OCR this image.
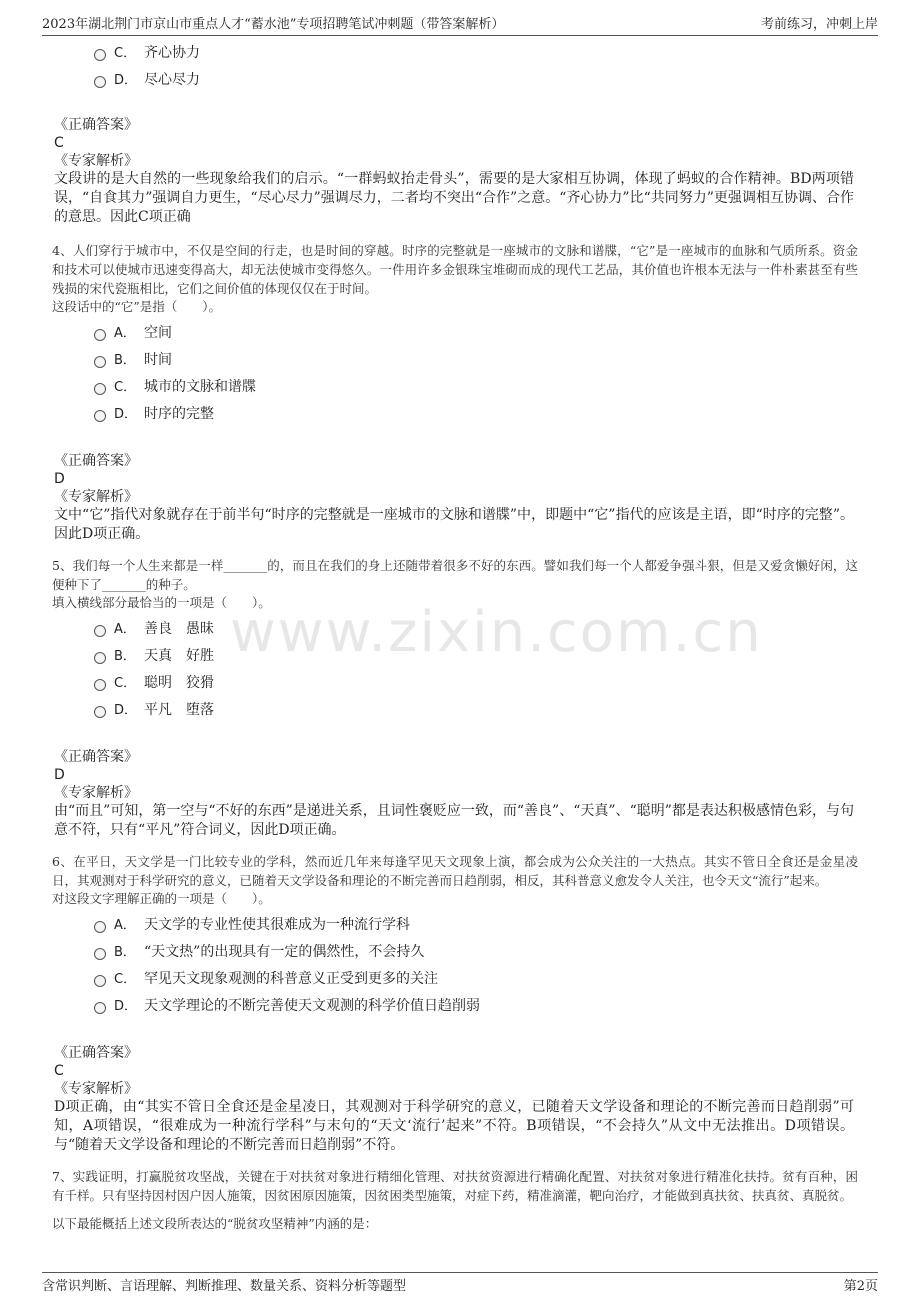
2023年湖北荆门市京山市重点人才“蓄水池”专项招聘笔试冲刺题（带答案解析）	考前练习，冲刺上岸
www.zixin.com.cn
C． 齐心协力
D． 尽心尽力
《正确答案》
C
《专家解析》
文段讲的是大自然的一些现象给我们的启示。“一群蚂蚁抬走骨头”，需要的是大家相互协调，体现了蚂蚁的合作精神。BD两项错误，“自食其力”强调自力更生，“尽心尽力”强调尽力，二者均不突出“合作”之意。“齐心协力”比“共同努力”更强调相互协调、合作的意思。因此C项正确
4、人们穿行于城市中，不仅是空间的行走，也是时间的穿越。时序的完整就是一座城市的文脉和谱牒，“它”是一座城市的血脉和气质所系。资金和技术可以使城市迅速变得高大，却无法使城市变得悠久。一件用许多金银珠宝堆砌而成的现代工艺品，其价值也许根本无法与一件朴素甚至有些残损的宋代瓷瓶相比，它们之间价值的体现仅仅在于时间。
这段话中的“它”是指（　　）。
A． 空间
B． 时间
C． 城市的文脉和谱牒
D． 时序的完整
《正确答案》
D
《专家解析》
文中“它”指代对象就存在于前半句“时序的完整就是一座城市的文脉和谱牒”中，即题中“它”指代的应该是主语，即“时序的完整”。因此D项正确。
5、我们每一个人生来都是一样_______的，而且在我们的身上还随带着很多不好的东西。譬如我们每一个人都爱争强斗狠，但是又爱贪懒好闲，这便种下了_______的种子。
填入横线部分最恰当的一项是（　　）。
A． 善良　愚昧
B． 天真　好胜
C． 聪明　狡猾
D． 平凡　堕落
《正确答案》
D
《专家解析》
由“而且”可知，第一空与“不好的东西”是递进关系，且词性褒贬应一致，而“善良”、“天真”、“聪明”都是表达积极感情色彩，与句意不符，只有“平凡”符合词义，因此D项正确。
6、在平日，天文学是一门比较专业的学科，然而近几年来每逢罕见天文现象上演，都会成为公众关注的一大热点。其实不管日全食还是金星凌日，其观测对于科学研究的意义，已随着天文学设备和理论的不断完善而日趋削弱，相反，其科普意义愈发令人关注，也令天文“流行”起来。
对这段文字理解正确的一项是（　　）。
A． 天文学的专业性使其很难成为一种流行学科
B． “天文热”的出现具有一定的偶然性，不会持久
C． 罕见天文现象观测的科普意义正受到更多的关注
D． 天文学理论的不断完善使天文观测的科学价值日趋削弱
《正确答案》
C
《专家解析》
D项正确，由“其实不管日全食还是金星凌日，其观测对于科学研究的意义，已随着天文学设备和理论的不断完善而日趋削弱”可知，A项错误，“很难成为一种流行学科”与末句的“天文‘流行’起来”不符。B项错误，“不会持久”从文中无法推出。D项错误。与“随着天文学设备和理论的不断完善而日趋削弱”不符。
7、实践证明，打赢脱贫攻坚战，关键在于对扶贫对象进行精细化管理、对扶贫资源进行精确化配置、对扶贫对象进行精准化扶持。贫有百种，困有千样。只有坚持因村因户因人施策，因贫困原因施策，因贫困类型施策，对症下药，精准滴灌，靶向治疗，才能做到真扶贫、扶真贫、真脱贫。
以下最能概括上述文段所表达的“脱贫攻坚精神”内涵的是：
含常识判断、言语理解、判断推理、数量关系、资料分析等题型	第2页
